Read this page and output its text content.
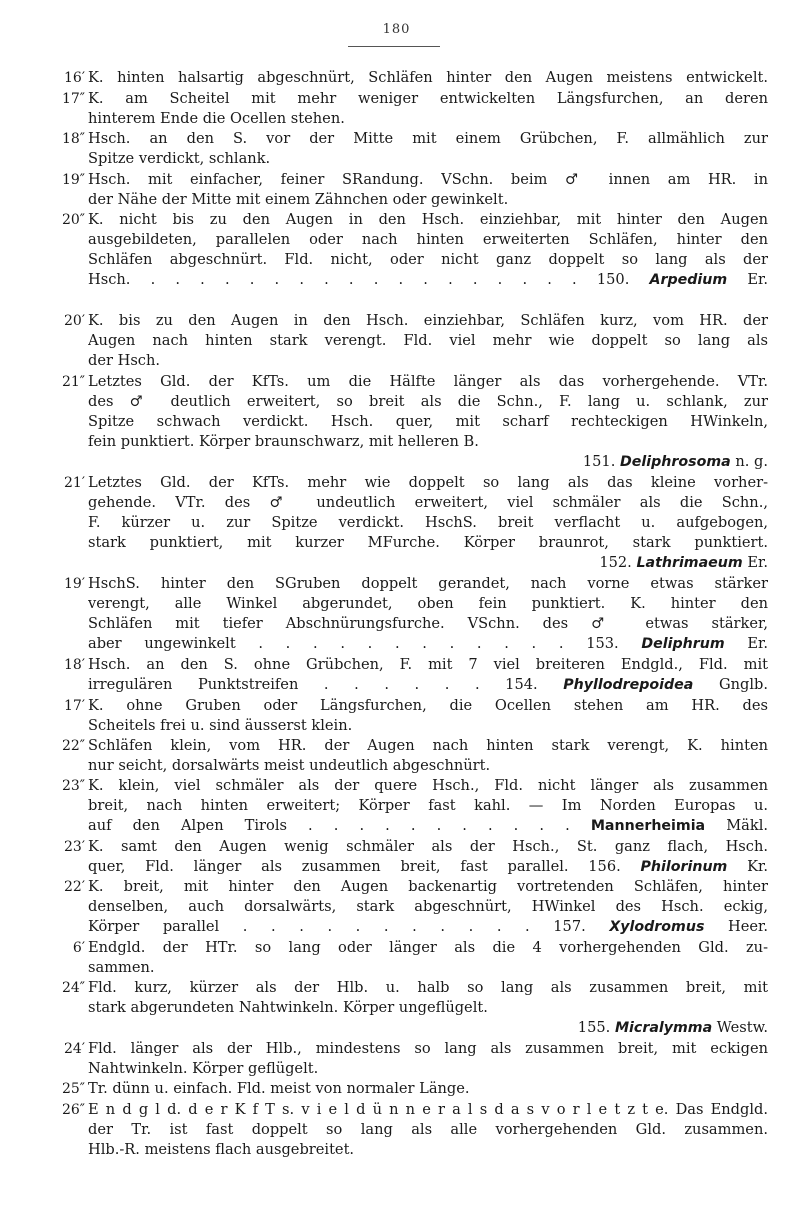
180
16′ K. hinten halsartig abgeschnürt, Schläfen hinter den Augen meistens entwickelt.
17″ K. am Scheitel mit mehr weniger entwickelten Längsfurchen, an deren
hinterem Ende die Ocellen stehen.
18″ Hsch. an den S. vor der Mitte mit einem Grübchen, F. allmählich zur
Spitze verdickt, schlank.
19″ Hsch. mit einfacher, feiner SRandung. VSchn. beim ♂ innen am HR. in
der Nähe der Mitte mit einem Zähnchen oder gewinkelt.
20″ K. nicht bis zu den Augen in den Hsch. einziehbar, mit hinter den Augen
ausgebildeten, parallelen oder nach hinten erweiterten Schläfen, hinter den
Schläfen abgeschnürt. Fld. nicht, oder nicht ganz doppelt so lang als der
Hsch. . . . . . . . . . . . . . . . . . . 150. Arpedium Er.
20′ K. bis zu den Augen in den Hsch. einziehbar, Schläfen kurz, vom HR. der
Augen nach hinten stark verengt. Fld. viel mehr wie doppelt so lang als
der Hsch.
21″ Letztes Gld. der KfTs. um die Hälfte länger als das vorhergehende. VTr.
des ♂ deutlich erweitert, so breit als die Schn., F. lang u. schlank, zur
Spitze schwach verdickt. Hsch. quer, mit scharf rechteckigen HWinkeln,
fein punktiert. Körper braunschwarz, mit helleren B.
151. Deliphrosoma n. g.
21′ Letztes Gld. der KfTs. mehr wie doppelt so lang als das kleine vorher-
gehende. VTr. des ♂ undeutlich erweitert, viel schmäler als die Schn.,
F. kürzer u. zur Spitze verdickt. HschS. breit verflacht u. aufgebogen,
stark punktiert, mit kurzer MFurche. Körper braunrot, stark punktiert.
152. Lathrimaeum Er.
19′ HschS. hinter den SGruben doppelt gerandet, nach vorne etwas stärker
verengt, alle Winkel abgerundet, oben fein punktiert. K. hinter den
Schläfen mit tiefer Abschnürungsfurche. VSchn. des ♂ etwas stärker,
aber ungewinkelt . . . . . . . . . . . . 153. Deliphrum Er.
18′ Hsch. an den S. ohne Grübchen, F. mit 7 viel breiteren Endgld., Fld. mit
irregulären Punktstreifen . . . . . . 154. Phyllodrepoidea Gnglb.
17′ K. ohne Gruben oder Längsfurchen, die Ocellen stehen am HR. des
Scheitels frei u. sind äusserst klein.
22″ Schläfen klein, vom HR. der Augen nach hinten stark verengt, K. hinten
nur seicht, dorsalwärts meist undeutlich abgeschnürt.
23″ K. klein, viel schmäler als der quere Hsch., Fld. nicht länger als zusammen
breit, nach hinten erweitert; Körper fast kahl. — Im Norden Europas u.
auf den Alpen Tirols . . . . . . . . . . . Mannerheimia Mäkl.
23′ K. samt den Augen wenig schmäler als der Hsch., St. ganz flach, Hsch.
quer, Fld. länger als zusammen breit, fast parallel. 156. Philorinum Kr.
22′ K. breit, mit hinter den Augen backenartig vortretenden Schläfen, hinter
denselben, auch dorsalwärts, stark abgeschnürt, HWinkel des Hsch. eckig,
Körper parallel . . . . . . . . . . . 157. Xylodromus Heer.
6′ Endgld. der HTr. so lang oder länger als die 4 vorhergehenden Gld. zu-
sammen.
24″ Fld. kurz, kürzer als der Hlb. u. halb so lang als zusammen breit, mit
stark abgerundeten Nahtwinkeln. Körper ungeflügelt.
155. Micralymma Westw.
24′ Fld. länger als der Hlb., mindestens so lang als zusammen breit, mit eckigen
Nahtwinkeln. Körper geflügelt.
25″ Tr. dünn u. einfach. Fld. meist von normaler Länge.
26″ E n d g l d. d e r K f T s. v i e l d ü n n e r a l s d a s v o r l e t z t e. Das Endgld.
der Tr. ist fast doppelt so lang als alle vorhergehenden Gld. zusammen.
Hlb.-R. meistens flach ausgebreitet.
